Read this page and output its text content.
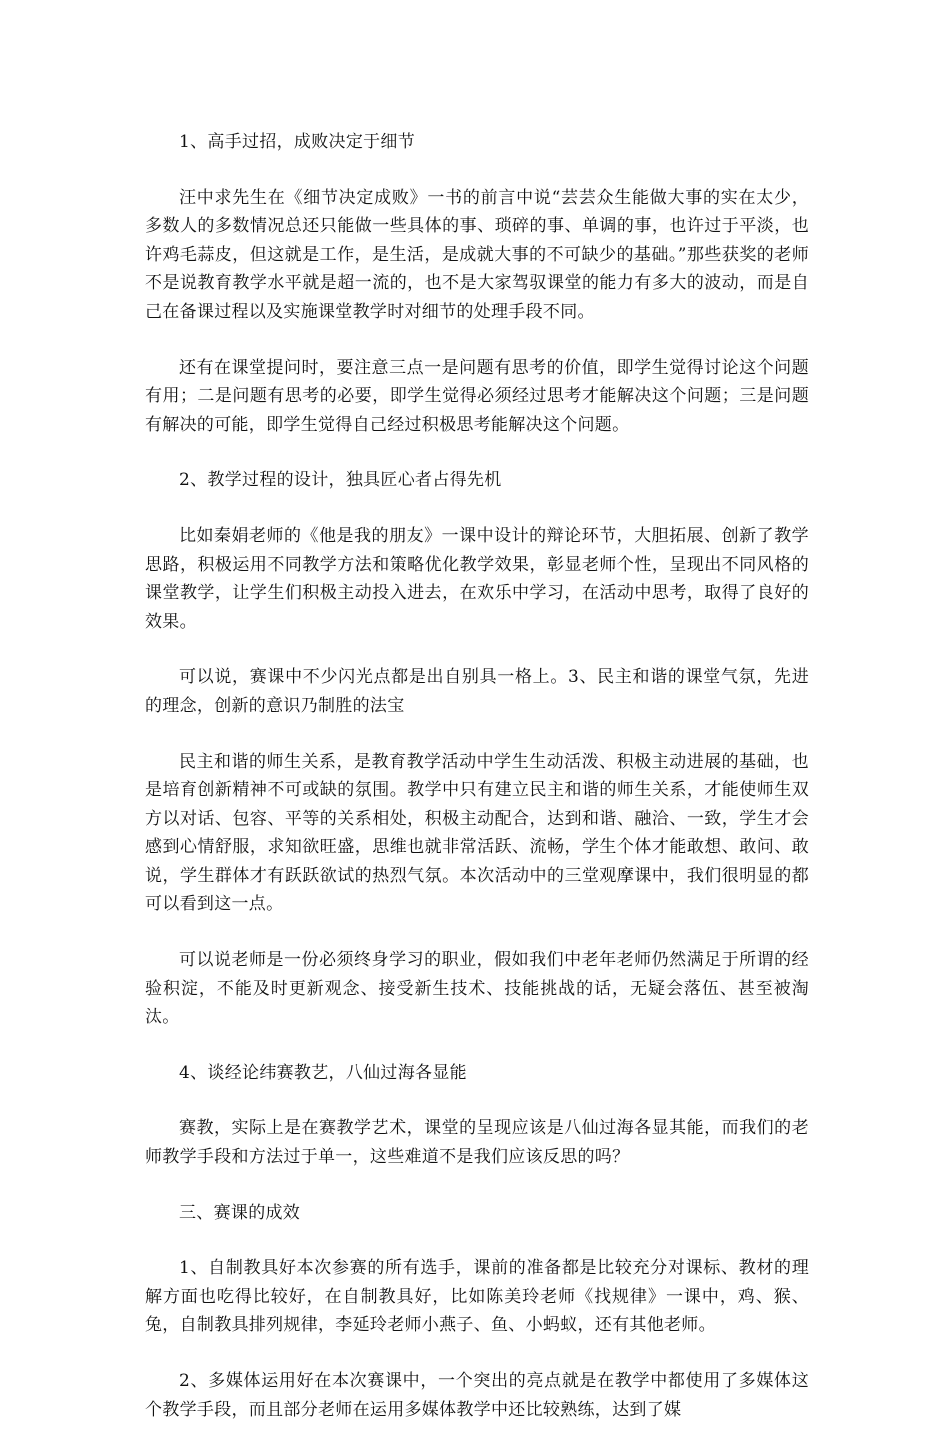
1、高手过招，成败决定于细节

汪中求先生在《细节决定成败》一书的前言中说“芸芸众生能做大事的实在太少，多数人的多数情况总还只能做一些具体的事、琐碎的事、单调的事，也许过于平淡，也许鸡毛蒜皮，但这就是工作，是生活，是成就大事的不可缺少的基础。”那些获奖的老师不是说教育教学水平就是超一流的，也不是大家驾驭课堂的能力有多大的波动，而是自己在备课过程以及实施课堂教学时对细节的处理手段不同。

还有在课堂提问时，要注意三点一是问题有思考的价值，即学生觉得讨论这个问题有用；二是问题有思考的必要，即学生觉得必须经过思考才能解决这个问题；三是问题有解决的可能，即学生觉得自己经过积极思考能解决这个问题。

2、教学过程的设计，独具匠心者占得先机

比如秦娟老师的《他是我的朋友》一课中设计的辩论环节，大胆拓展、创新了教学思路，积极运用不同教学方法和策略优化教学效果，彰显老师个性，呈现出不同风格的课堂教学，让学生们积极主动投入进去，在欢乐中学习，在活动中思考，取得了良好的效果。

可以说，赛课中不少闪光点都是出自别具一格上。3、民主和谐的课堂气氛，先进的理念，创新的意识乃制胜的法宝

民主和谐的师生关系，是教育教学活动中学生生动活泼、积极主动进展的基础，也是培育创新精神不可或缺的氛围。教学中只有建立民主和谐的师生关系，才能使师生双方以对话、包容、平等的关系相处，积极主动配合，达到和谐、融洽、一致，学生才会感到心情舒服，求知欲旺盛，思维也就非常活跃、流畅，学生个体才能敢想、敢问、敢说，学生群体才有跃跃欲试的热烈气氛。本次活动中的三堂观摩课中，我们很明显的都可以看到这一点。

可以说老师是一份必须终身学习的职业，假如我们中老年老师仍然满足于所谓的经验积淀，不能及时更新观念、接受新生技术、技能挑战的话，无疑会落伍、甚至被淘汰。

4、谈经论纬赛教艺，八仙过海各显能

赛教，实际上是在赛教学艺术，课堂的呈现应该是八仙过海各显其能，而我们的老师教学手段和方法过于单一，这些难道不是我们应该反思的吗？

三、赛课的成效

1、自制教具好本次参赛的所有选手，课前的准备都是比较充分对课标、教材的理解方面也吃得比较好，在自制教具好，比如陈美玲老师《找规律》一课中，鸡、猴、兔，自制教具排列规律，李延玲老师小燕子、鱼、小蚂蚁，还有其他老师。

2、多媒体运用好在本次赛课中，一个突出的亮点就是在教学中都使用了多媒体这个教学手段，而且部分老师在运用多媒体教学中还比较熟练，达到了媒
